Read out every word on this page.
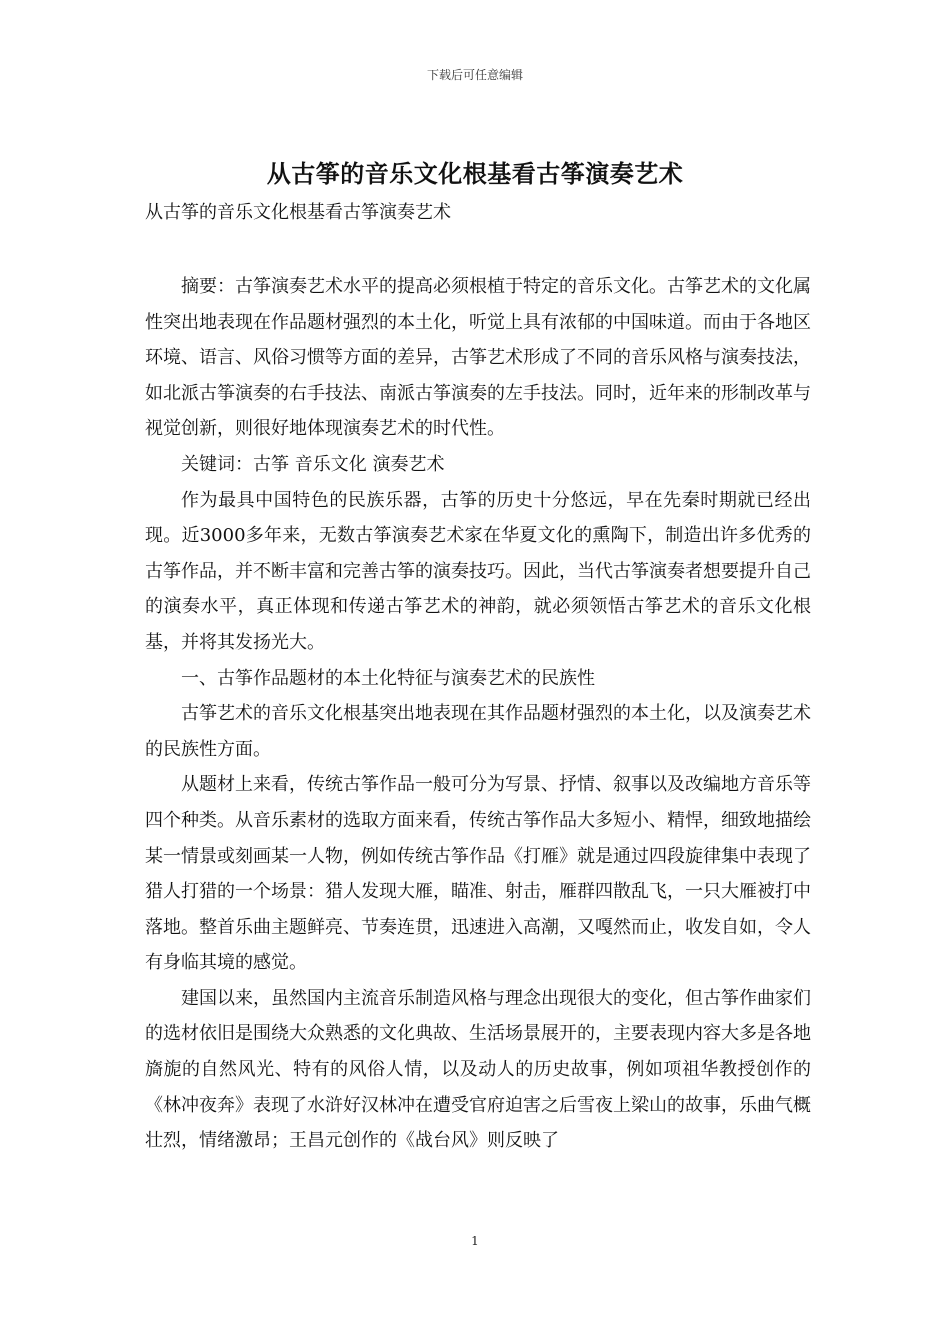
下载后可任意编辑
从古筝的音乐文化根基看古筝演奏艺术
从古筝的音乐文化根基看古筝演奏艺术

摘要：古筝演奏艺术水平的提高必须根植于特定的音乐文化。古筝艺术的文化属性突出地表现在作品题材强烈的本土化，听觉上具有浓郁的中国味道。而由于各地区环境、语言、风俗习惯等方面的差异，古筝艺术形成了不同的音乐风格与演奏技法，如北派古筝演奏的右手技法、南派古筝演奏的左手技法。同时，近年来的形制改革与视觉创新，则很好地体现演奏艺术的时代性。

关键词：古筝 音乐文化 演奏艺术

作为最具中国特色的民族乐器，古筝的历史十分悠远，早在先秦时期就已经出现。近3000多年来，无数古筝演奏艺术家在华夏文化的熏陶下，制造出许多优秀的古筝作品，并不断丰富和完善古筝的演奏技巧。因此，当代古筝演奏者想要提升自己的演奏水平，真正体现和传递古筝艺术的神韵，就必须领悟古筝艺术的音乐文化根基，并将其发扬光大。

一、古筝作品题材的本土化特征与演奏艺术的民族性

古筝艺术的音乐文化根基突出地表现在其作品题材强烈的本土化，以及演奏艺术的民族性方面。

从题材上来看，传统古筝作品一般可分为写景、抒情、叙事以及改编地方音乐等四个种类。从音乐素材的选取方面来看，传统古筝作品大多短小、精悍，细致地描绘某一情景或刻画某一人物，例如传统古筝作品《打雁》就是通过四段旋律集中表现了猎人打猎的一个场景：猎人发现大雁，瞄准、射击，雁群四散乱飞，一只大雁被打中落地。整首乐曲主题鲜亮、节奏连贯，迅速进入高潮，又嘎然而止，收发自如，令人有身临其境的感觉。

建国以来，虽然国内主流音乐制造风格与理念出现很大的变化，但古筝作曲家们的选材依旧是围绕大众熟悉的文化典故、生活场景展开的，主要表现内容大多是各地旖旎的自然风光、特有的风俗人情，以及动人的历史故事，例如项祖华教授创作的《林冲夜奔》表现了水浒好汉林冲在遭受官府迫害之后雪夜上梁山的故事，乐曲气概壮烈，情绪激昂；王昌元创作的《战台风》则反映了

1
